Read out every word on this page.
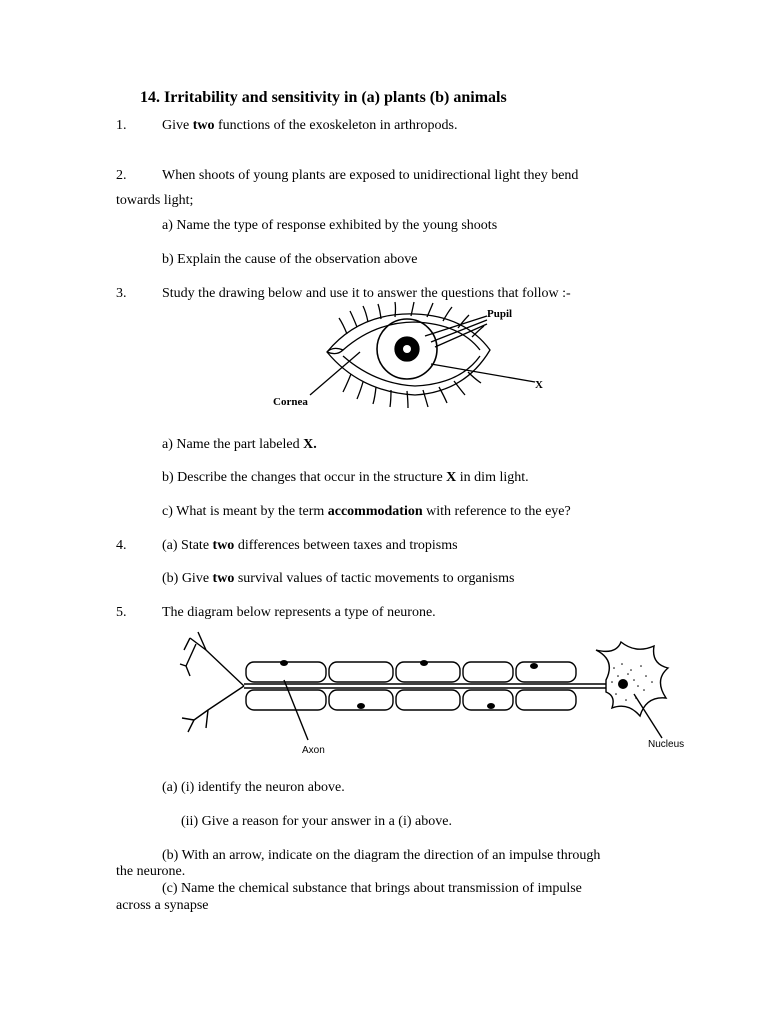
14. Irritability and sensitivity in (a) plants (b) animals
1.	Give two functions of the exoskeleton in arthropods.
2.	When shoots of young plants are exposed to unidirectional light they bend
towards light;
a) Name the type of response exhibited by the young shoots
b) Explain the cause of the observation above
3.	Study the drawing below and use it to answer the questions that follow :-
Pupil
X
Cornea
a) Name the part labeled X.
b) Describe the changes that occur in the structure X in dim light.
c) What is meant by the term accommodation with reference to the eye?
4.	(a) State two differences between taxes and tropisms
(b) Give two survival values of tactic movements to organisms
5.	The diagram below represents a type of neurone.
Axon
Nucleus
(a) (i) identify the neuron above.
(ii) Give a reason for your answer in a (i) above.
(b) With an arrow, indicate on the diagram the direction of an impulse through
the neurone.
(c) Name the chemical substance that brings about transmission of impulse
across a synapse
